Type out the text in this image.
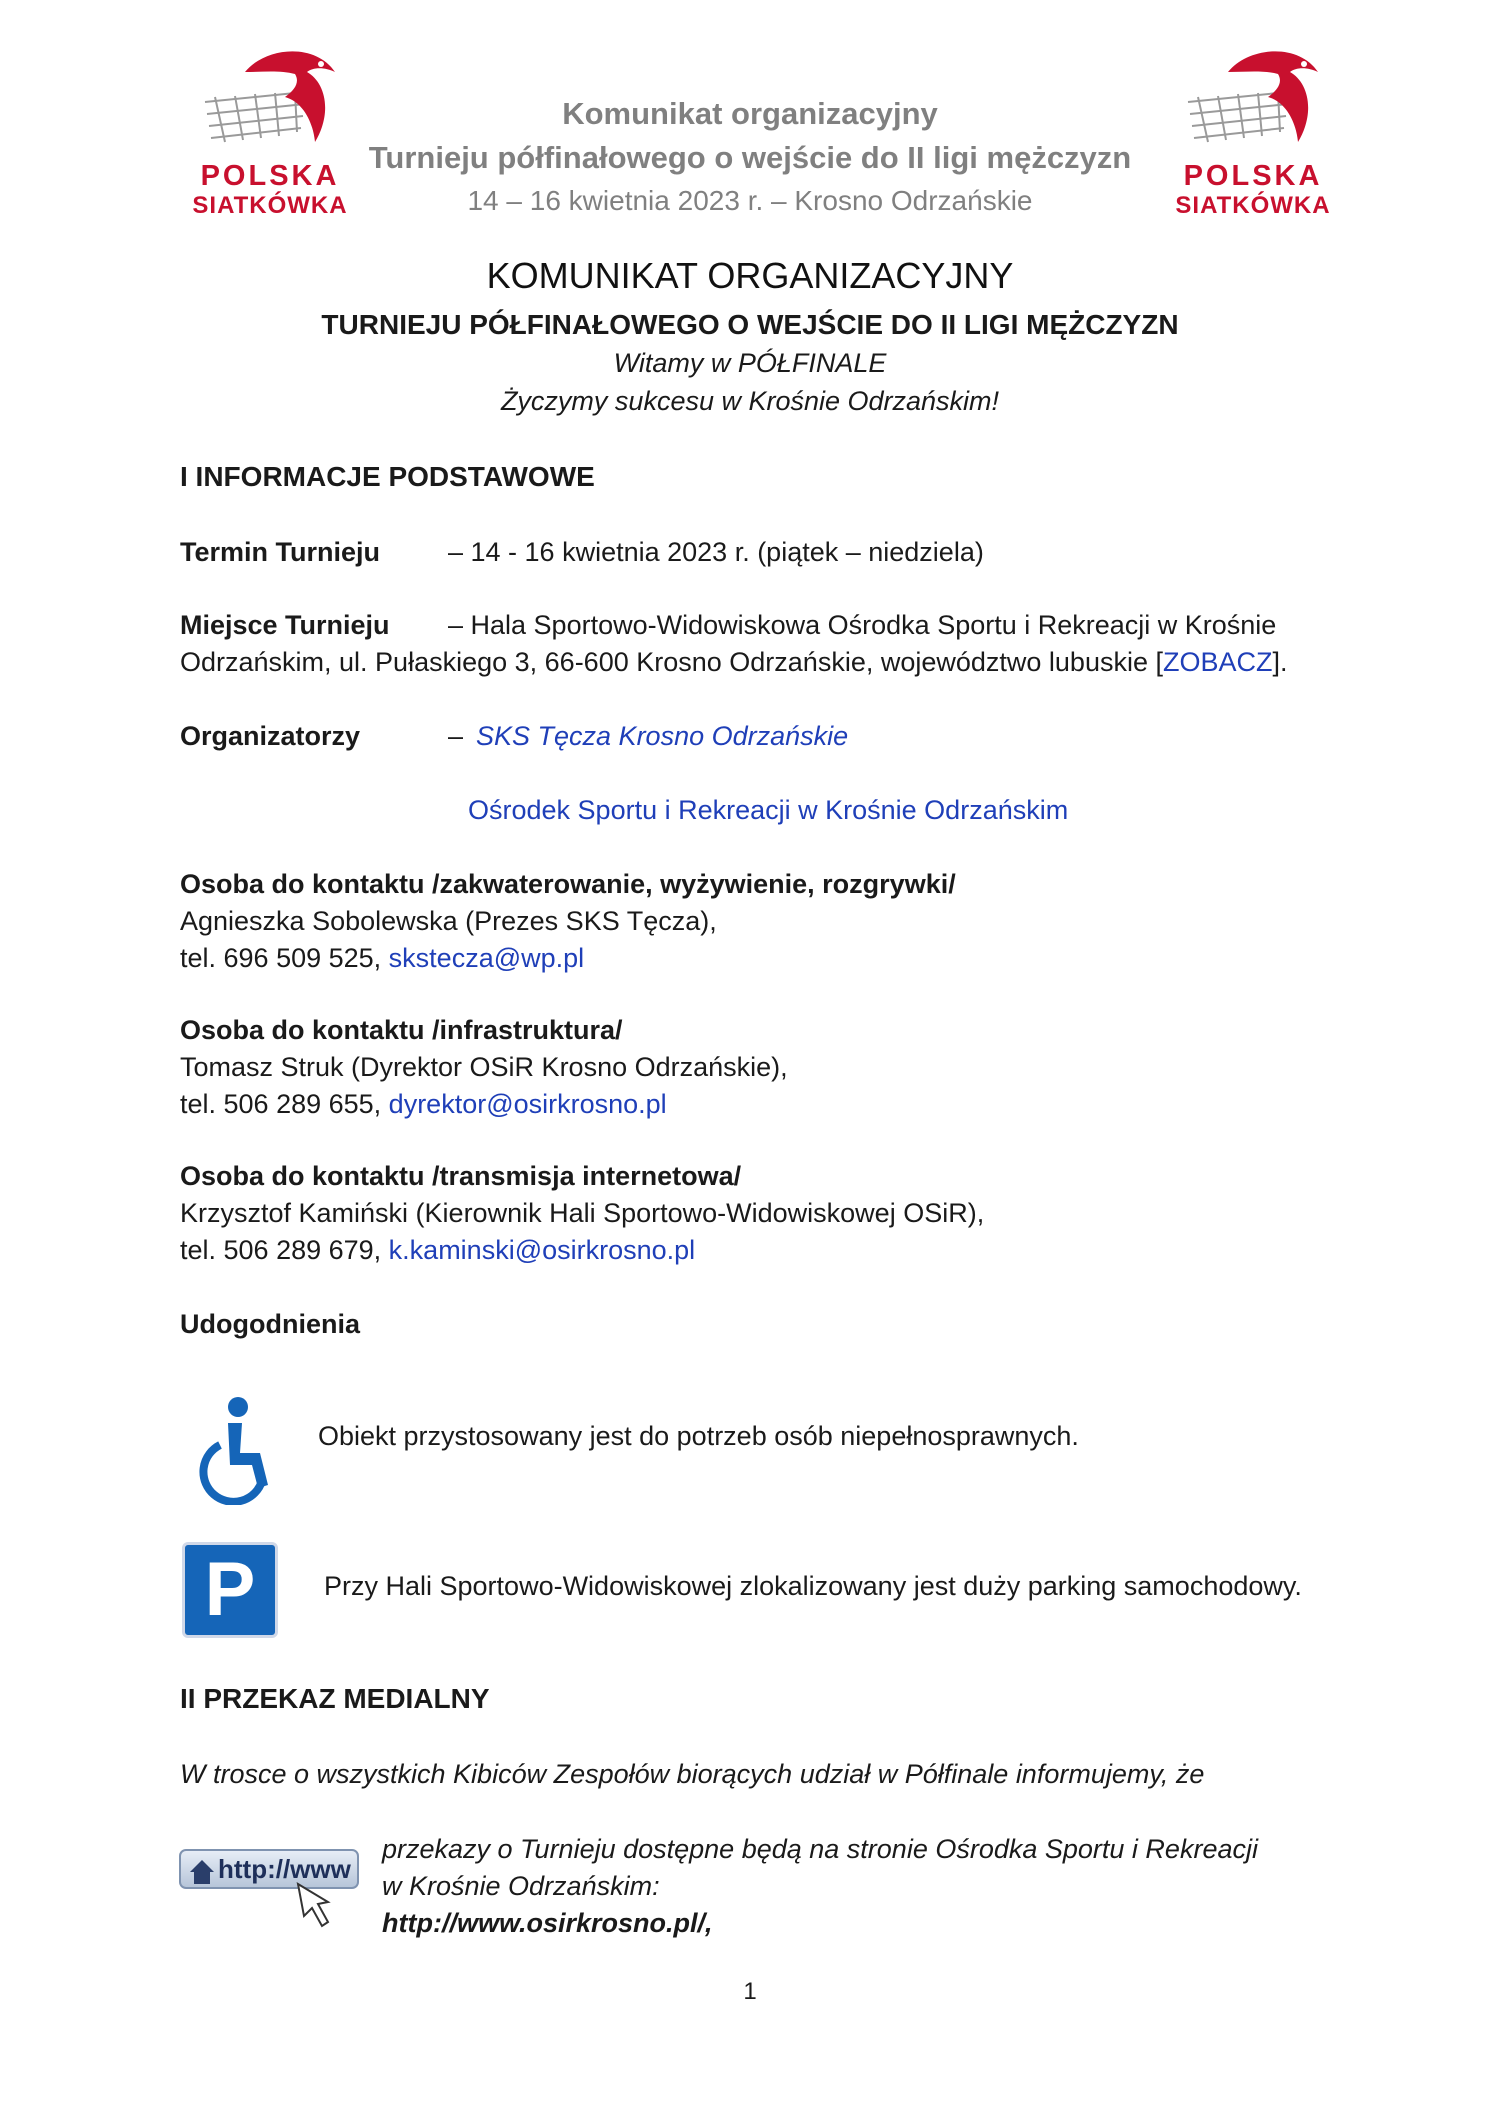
POLSKA
SIATKÓWKA
POLSKA
SIATKÓWKA
Komunikat organizacyjny
Turnieju półfinałowego o wejście do II ligi mężczyzn
14 – 16 kwietnia 2023 r. – Krosno Odrzańskie
KOMUNIKAT ORGANIZACYJNY
TURNIEJU PÓŁFINAŁOWEGO O WEJŚCIE DO II LIGI MĘŻCZYZN
Witamy w PÓŁFINALE
Życzymy sukcesu w Krośnie Odrzańskim!
I INFORMACJE PODSTAWOWE
Termin Turnieju	– 14 - 16 kwietnia 2023 r. (piątek – niedziela)
Miejsce Turnieju – Hala Sportowo-Widowiskowa Ośrodka Sportu i Rekreacji w Krośnie
Odrzańskim, ul. Pułaskiego 3, 66-600 Krosno Odrzańskie, województwo lubuskie [ZOBACZ].
Organizatorzy	– SKS Tęcza Krosno Odrzańskie
Ośrodek Sportu i Rekreacji w Krośnie Odrzańskim
Osoba do kontaktu /zakwaterowanie, wyżywienie, rozgrywki/
Agnieszka Sobolewska (Prezes SKS Tęcza),
tel. 696 509 525, skstecza@wp.pl
Osoba do kontaktu /infrastruktura/
Tomasz Struk (Dyrektor OSiR Krosno Odrzańskie),
tel. 506 289 655, dyrektor@osirkrosno.pl
Osoba do kontaktu /transmisja internetowa/
Krzysztof Kamiński (Kierownik Hali Sportowo-Widowiskowej OSiR),
tel. 506 289 679, k.kaminski@osirkrosno.pl
Udogodnienia
Obiekt przystosowany jest do potrzeb osób niepełnosprawnych.
P	Przy Hali Sportowo-Widowiskowej zlokalizowany jest duży parking samochodowy.
II PRZEKAZ MEDIALNY
W trosce o wszystkich Kibiców Zespołów biorących udział w Półfinale informujemy, że
http://www
przekazy o Turnieju dostępne będą na stronie Ośrodka Sportu i Rekreacji
w Krośnie Odrzańskim:
http://www.osirkrosno.pl/,
1
